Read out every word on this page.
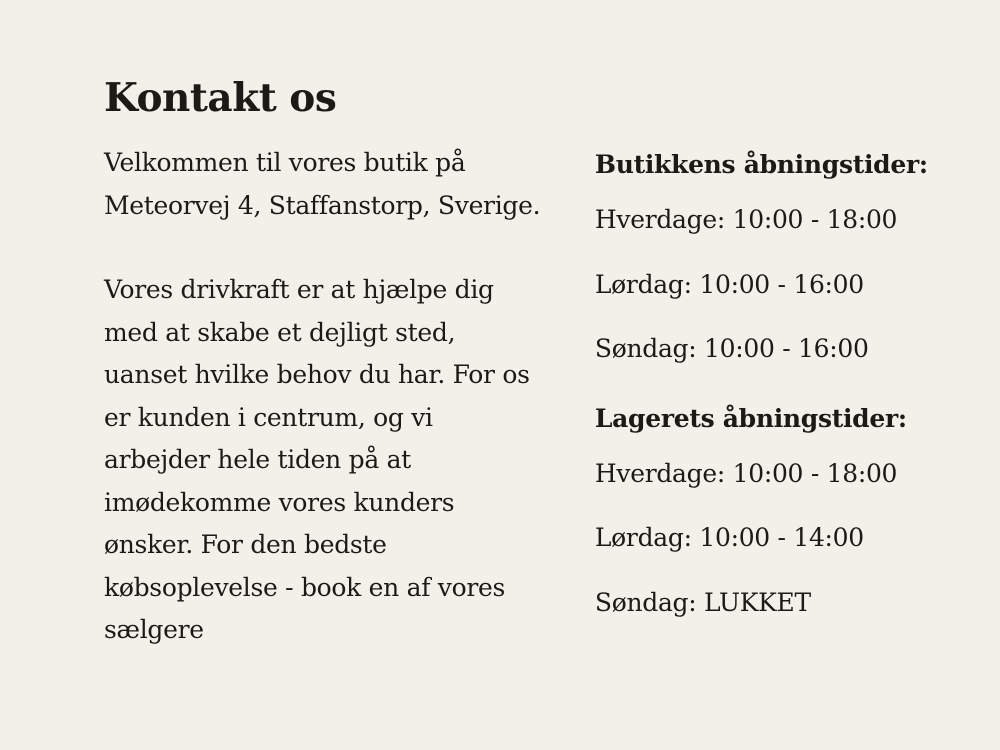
Kontakt os

Velkommen til vores butik på Meteorvej 4, Staffanstorp, Sverige.

Vores drivkraft er at hjælpe dig med at skabe et dejligt sted, uanset hvilke behov du har. For os er kunden i centrum, og vi arbejder hele tiden på at imødekomme vores kunders ønsker. For den bedste købsoplevelse - book en af vores sælgere

Butikkens åbningstider:

Hverdage: 10:00 - 18:00
Lørdag: 10:00 - 16:00
Søndag: 10:00 - 16:00

Lagerets åbningstider:

Hverdage: 10:00 - 18:00
Lørdag: 10:00 - 14:00
Søndag: LUKKET
